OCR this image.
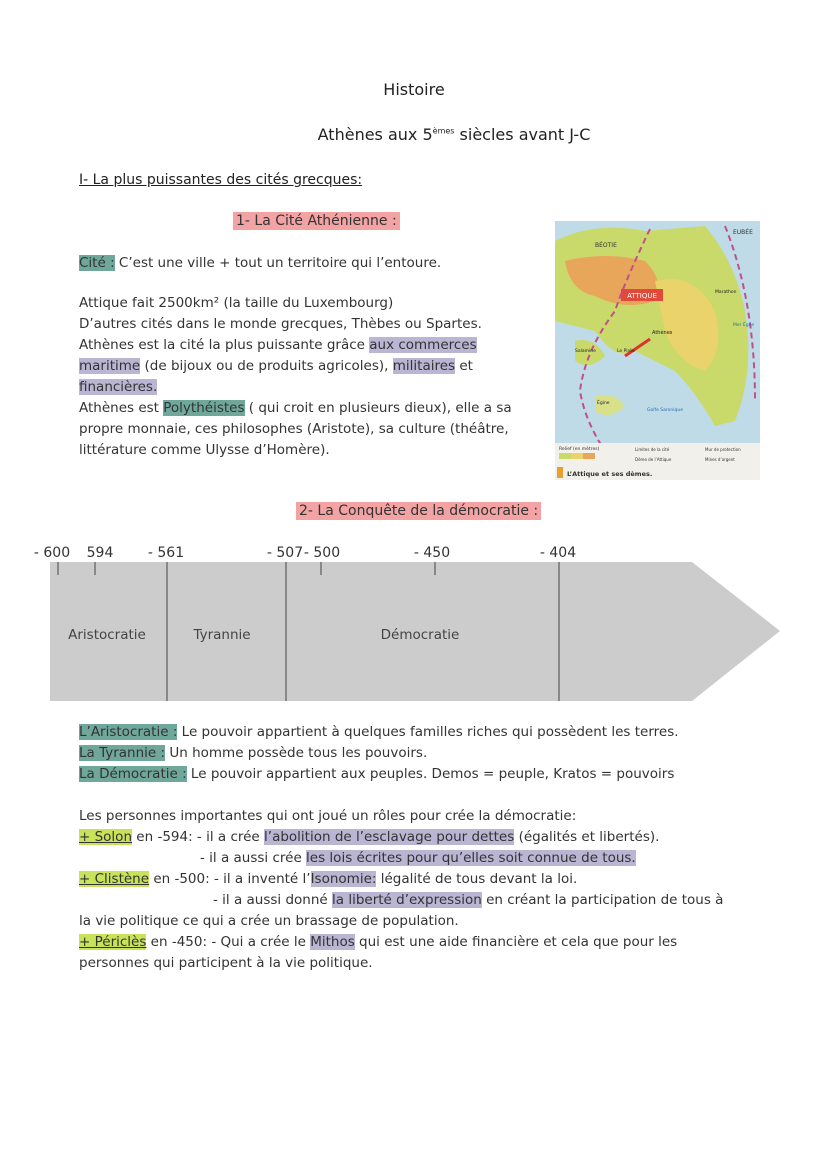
Histoire
Athènes aux 5èmes siècles avant J-C
I- La plus puissantes des cités grecques:
1- La Cité Athénienne :
ATTIQUE
BÉOTIE
EUBÉE
Athènes
Le Pirée
Salamine
Égine
Marathon
Mer Égée
Golfe Saronique
Relief (en mètres)	Limites de la cité	Mur de protection
Dème de l’Attique	Mines d’argent
L’Attique et ses dèmes.
2- La Conquête de la démocratie :
- 600 594 - 561	- 507 - 500	- 450	- 404
Aristocratie	Tyrannie	Démocratie
Cité : C’est une ville + tout un territoire qui l’entoure.
Attique fait 2500km² (la taille du Luxembourg)
D’autres cités dans le monde grecques, Thèbes ou Spartes.
Athènes est la cité la plus puissante grâce aux commerces
maritime (de bijoux ou de produits agricoles), militaires et
financières.
Athènes est Polythéistes ( qui croit en plusieurs dieux), elle a sa
propre monnaie, ces philosophes (Aristote), sa culture (théâtre,
littérature comme Ulysse d’Homère).
L’Aristocratie : Le pouvoir appartient à quelques familles riches qui possèdent les terres.
La Tyrannie : Un homme possède tous les pouvoirs.
La Démocratie : Le pouvoir appartient aux peuples. Demos = peuple, Kratos = pouvoirs
Les personnes importantes qui ont joué un rôles pour crée la démocratie:
+ Solon en -594: - il a crée l’abolition de l’esclavage pour dettes (égalités et libertés).
- il a aussi crée les lois écrites pour qu’elles soit connue de tous.
+ Clistène en -500: - il a inventé l’Isonomie: légalité de tous devant la loi.
- il a aussi donné la liberté d’expression en créant la participation de tous à
la vie politique ce qui a crée un brassage de population.
+ Périclès en -450: - Qui a crée le Mithos qui est une aide financière et cela que pour les
personnes qui participent à la vie politique.
